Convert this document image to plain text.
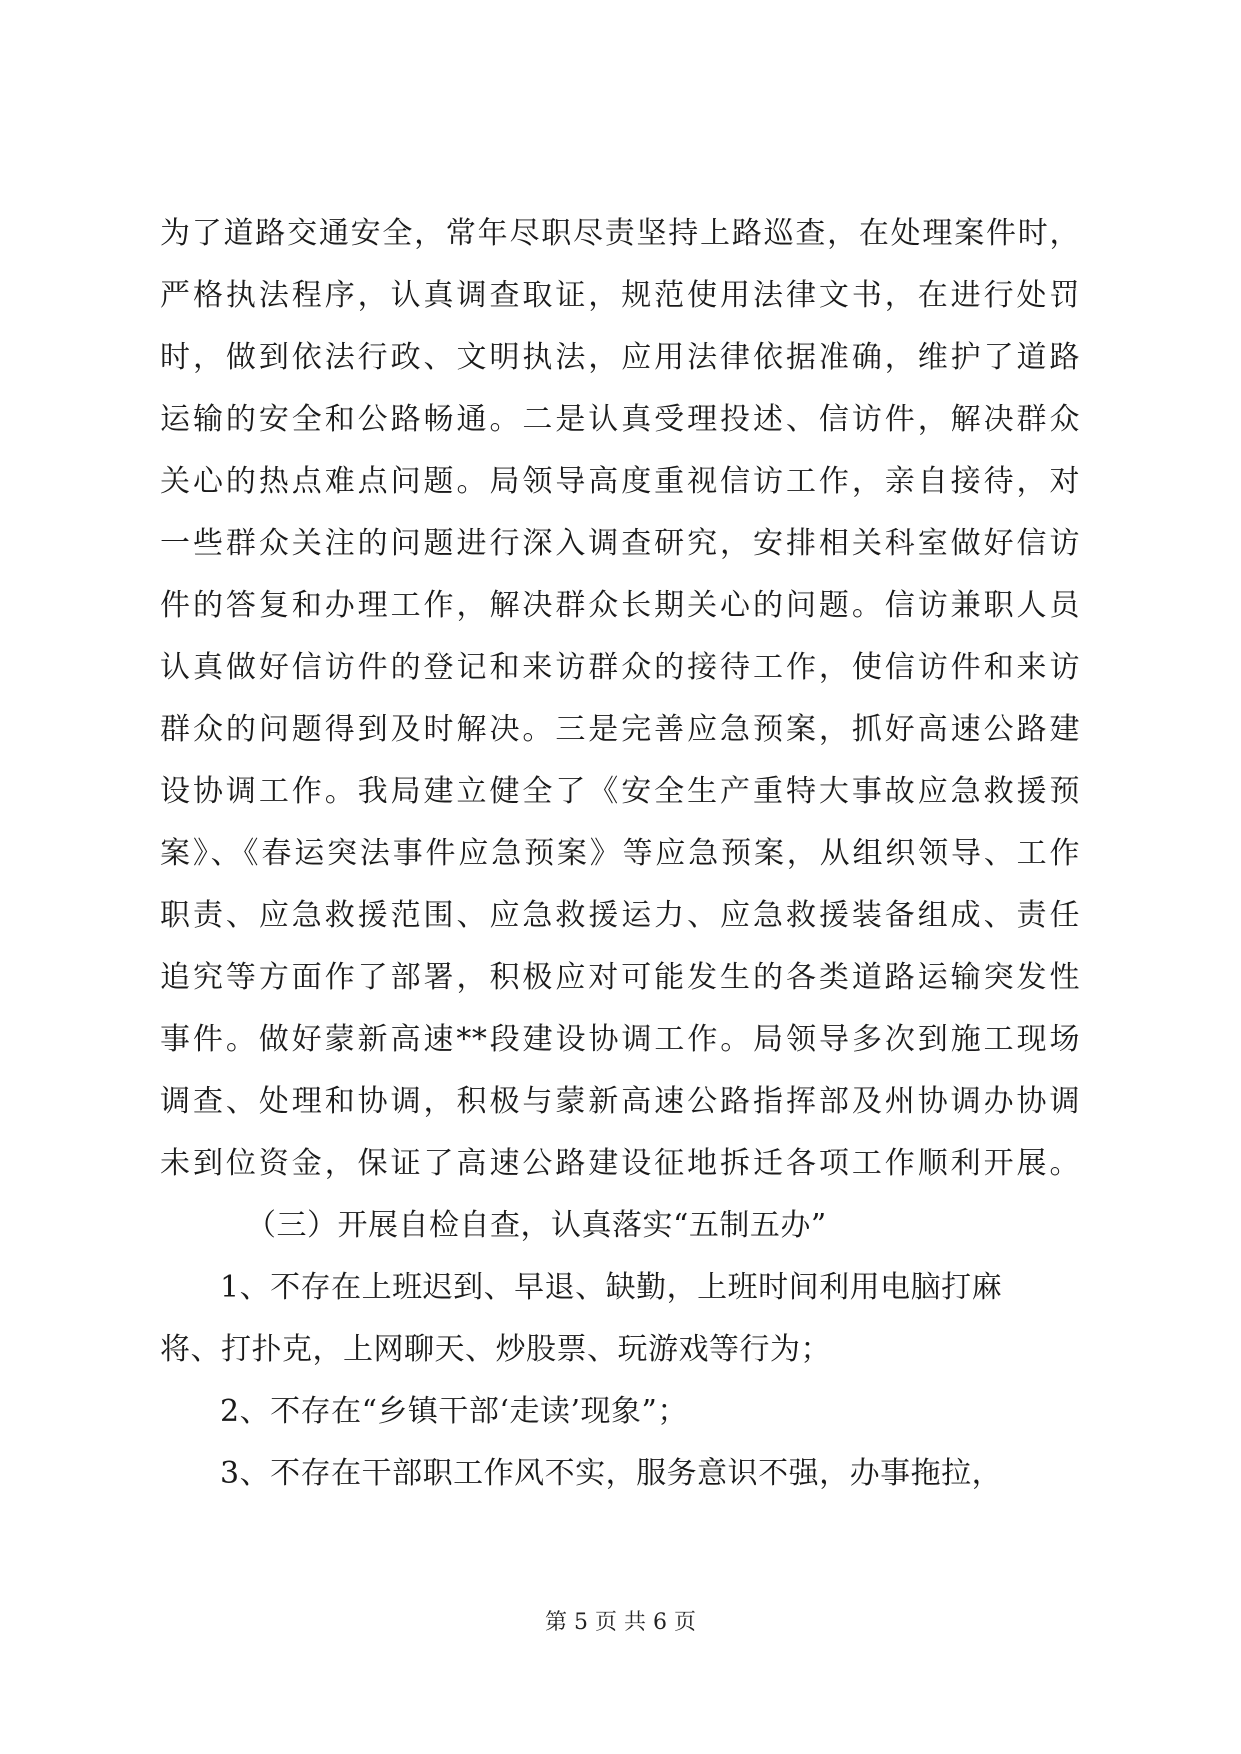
为了道路交通安全，常年尽职尽责坚持上路巡查，在处理案件时，
严格执法程序，认真调查取证，规范使用法律文书，在进行处罚
时，做到依法行政、文明执法，应用法律依据准确，维护了道路
运输的安全和公路畅通。二是认真受理投述、信访件，解决群众
关心的热点难点问题。局领导高度重视信访工作，亲自接待，对
一些群众关注的问题进行深入调查研究，安排相关科室做好信访
件的答复和办理工作，解决群众长期关心的问题。信访兼职人员
认真做好信访件的登记和来访群众的接待工作，使信访件和来访
群众的问题得到及时解决。三是完善应急预案，抓好高速公路建
设协调工作。我局建立健全了《安全生产重特大事故应急救援预
案》、《春运突法事件应急预案》等应急预案，从组织领导、工作
职责、应急救援范围、应急救援运力、应急救援装备组成、责任
追究等方面作了部署，积极应对可能发生的各类道路运输突发性
事件。做好蒙新高速**段建设协调工作。局领导多次到施工现场
调查、处理和协调，积极与蒙新高速公路指挥部及州协调办协调
未到位资金，保证了高速公路建设征地拆迁各项工作顺利开展。
（三）开展自检自查，认真落实“五制五办”
1、不存在上班迟到、早退、缺勤，上班时间利用电脑打麻
将、打扑克，上网聊天、炒股票、玩游戏等行为；
2、不存在“乡镇干部‘走读’现象”；
3、不存在干部职工作风不实，服务意识不强，办事拖拉，
第 5 页 共 6 页
